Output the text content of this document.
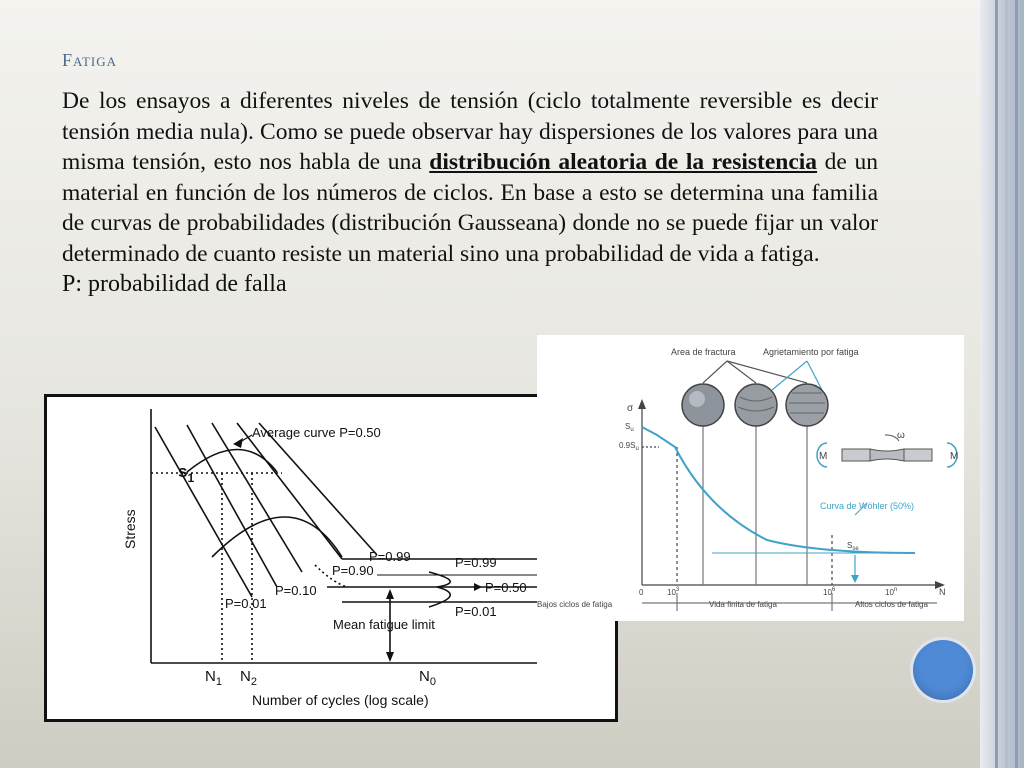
Fatiga
De los ensayos a diferentes niveles de tensión (ciclo totalmente reversible es decir tensión media nula). Como se puede observar hay dispersiones de los valores para una misma tensión, esto nos habla de una distribución aleatoria de la resistencia de un material en función de los números de ciclos. En base a esto se determina una familia de curvas de probabilidades (distribución Gausseana) donde no se puede fijar un valor determinado de cuanto resiste un material sino una probabilidad de vida a fatiga.
P: probabilidad de falla
Stress
$s_1$
Average curve P=0.50
P=0.99
P=0.90
P=0.10
P=0.01
P=0.99
P=0.50
P=0.01
Mean fatigue limit
$N_1$ $N_2$	$N_0$
Number of cycles (log scale)
Area de fractura	Agrietamiento por fatiga
σ
$S_u$
$0.9S_u$
M	M
ω
Curva de Wöhler (50%)
$S_{se}$
0	$10^3$	$10^6$	10$^n$	N
Bajos ciclos de fatiga	Vida finita de fatiga	Altos ciclos de fatiga
